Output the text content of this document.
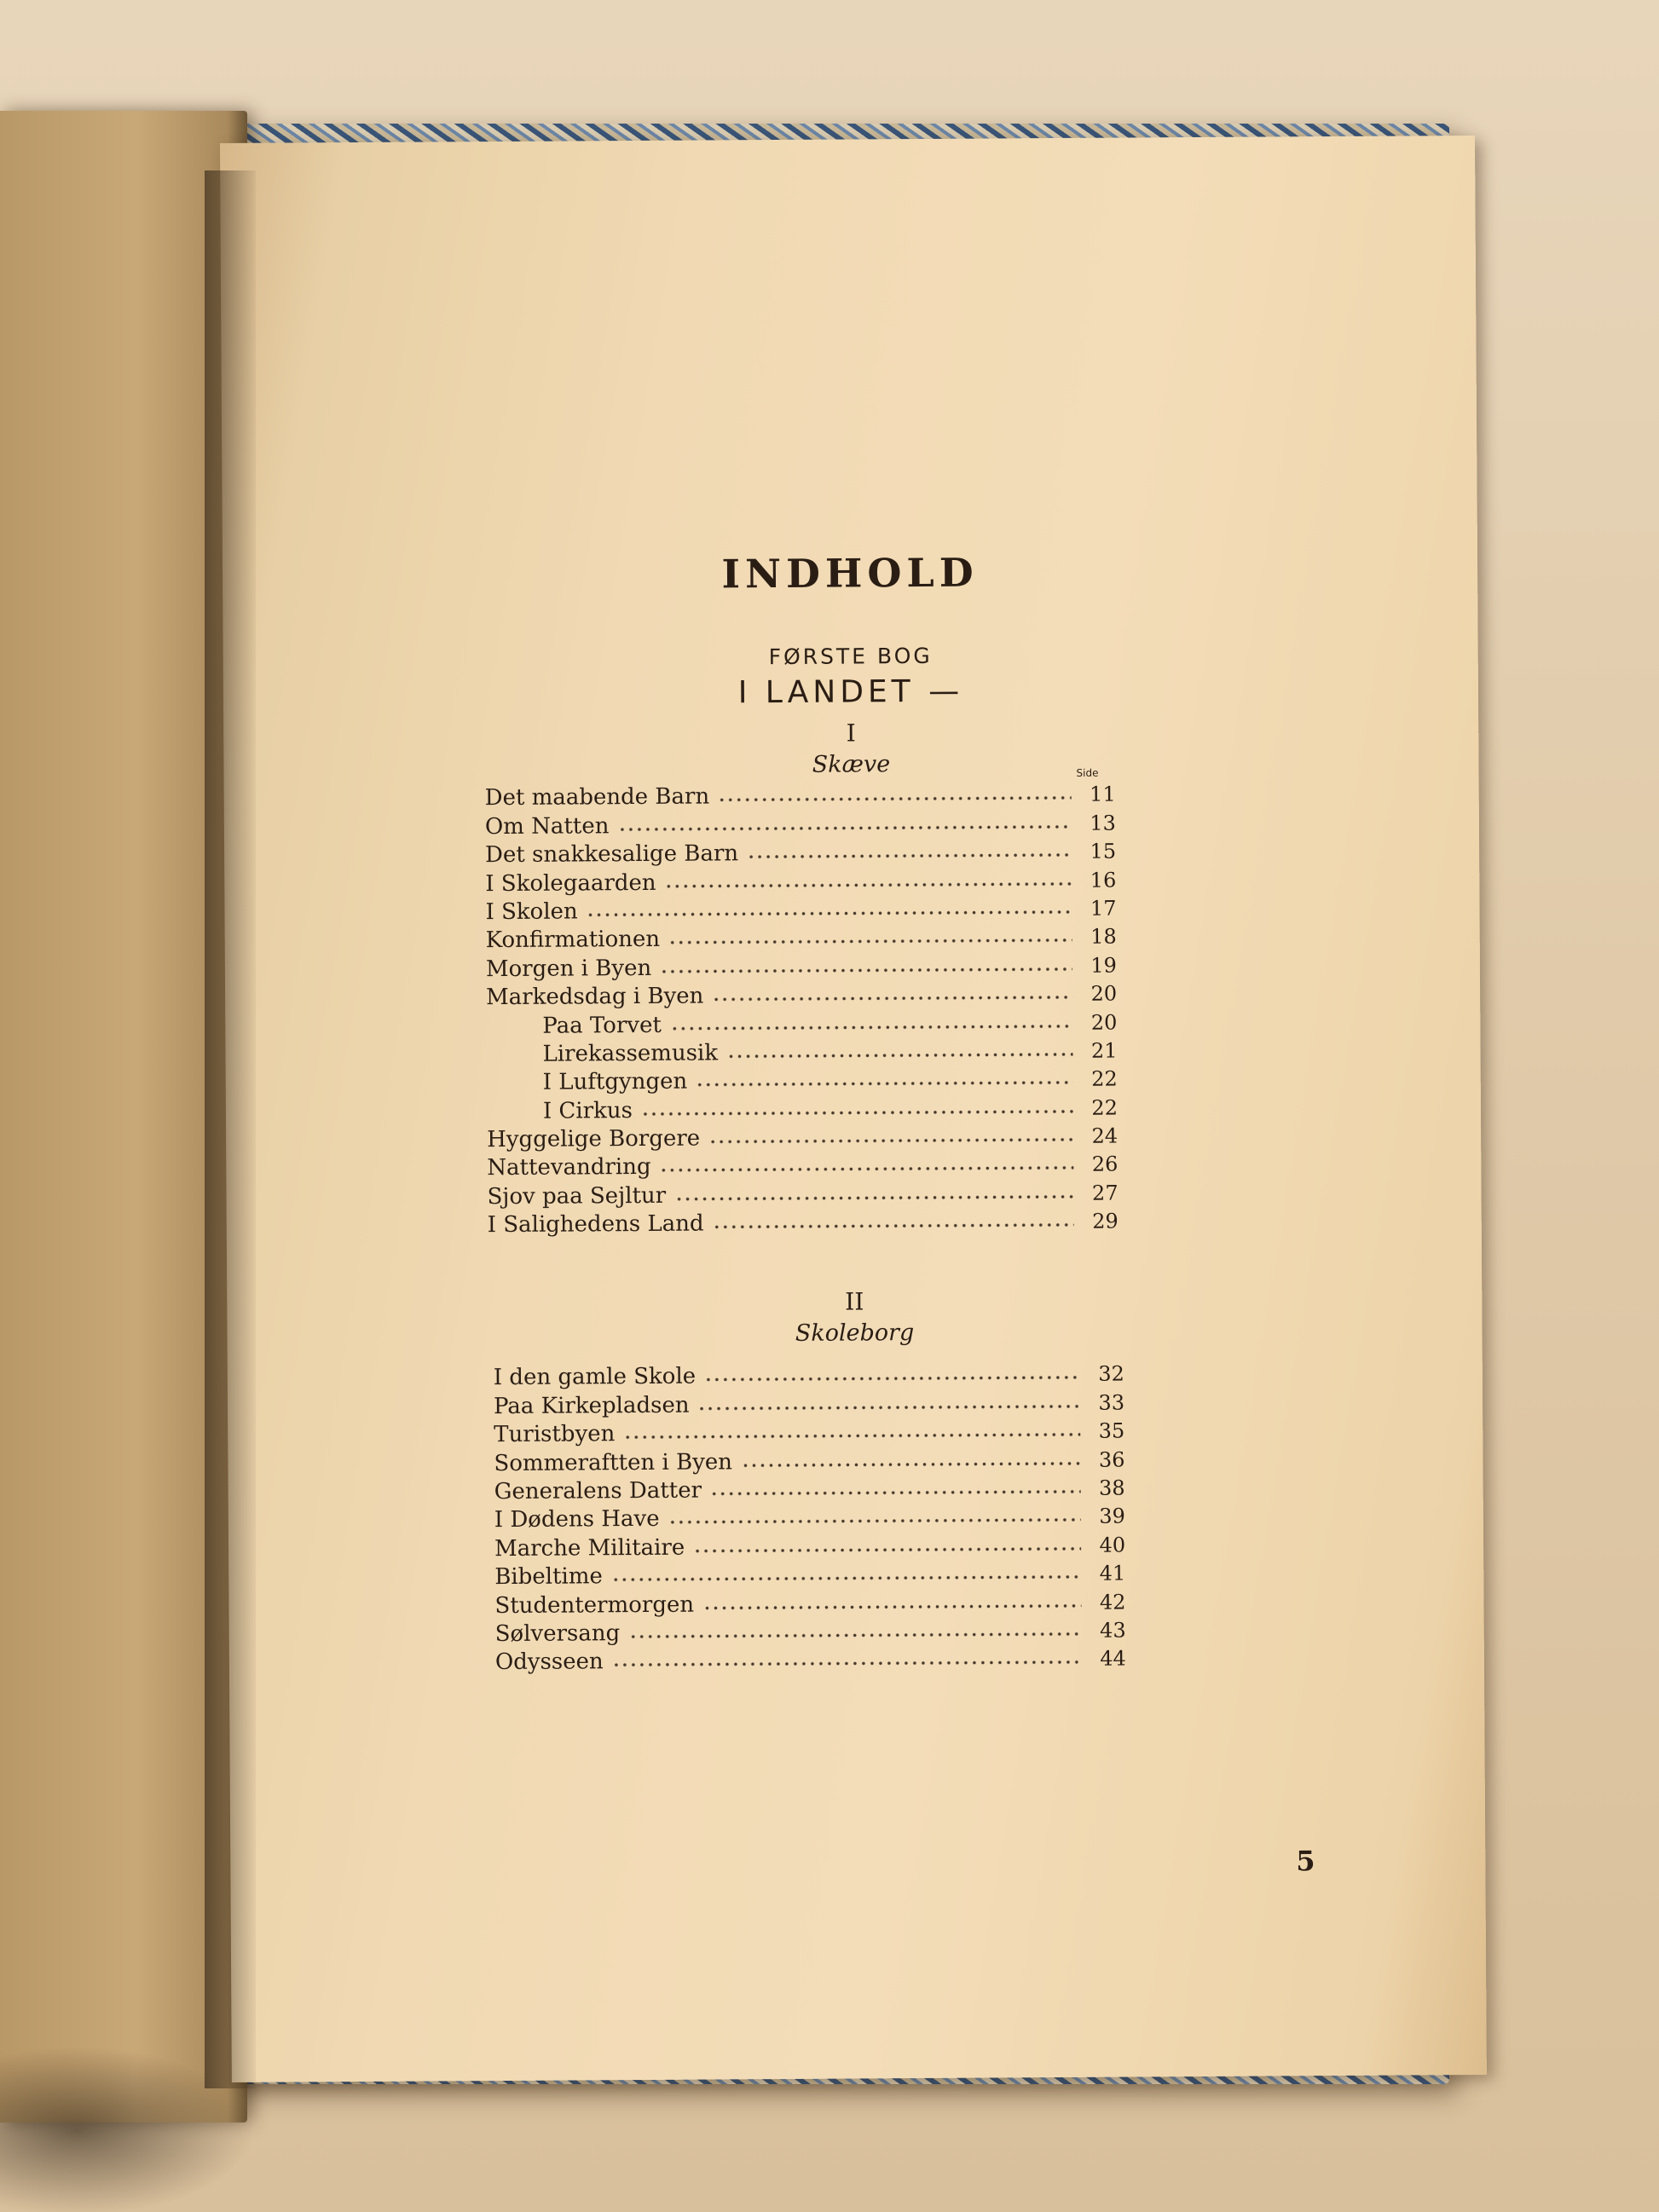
INDHOLD
FØRSTE BOG
I LANDET —
I
Skæve	Side
Det maabende Barn	11
Om Natten	13
Det snakkesalige Barn	15
I Skolegaarden	16
I Skolen	17
Konfirmationen	18
Morgen i Byen	19
Markedsdag i Byen	20
Paa Torvet	20
Lirekassemusik	21
I Luftgyngen	22
I Cirkus	22
Hyggelige Borgere	24
Nattevandring	26
Sjov paa Sejltur	27
I Salighedens Land	29
II
Skoleborg
I den gamle Skole	32
Paa Kirkepladsen	33
Turistbyen	35
Sommeraftten i Byen	36
Generalens Datter	38
I Dødens Have	39
Marche Militaire	40
Bibeltime	41
Studentermorgen	42
Sølversang	43
Odysseen	44
5
